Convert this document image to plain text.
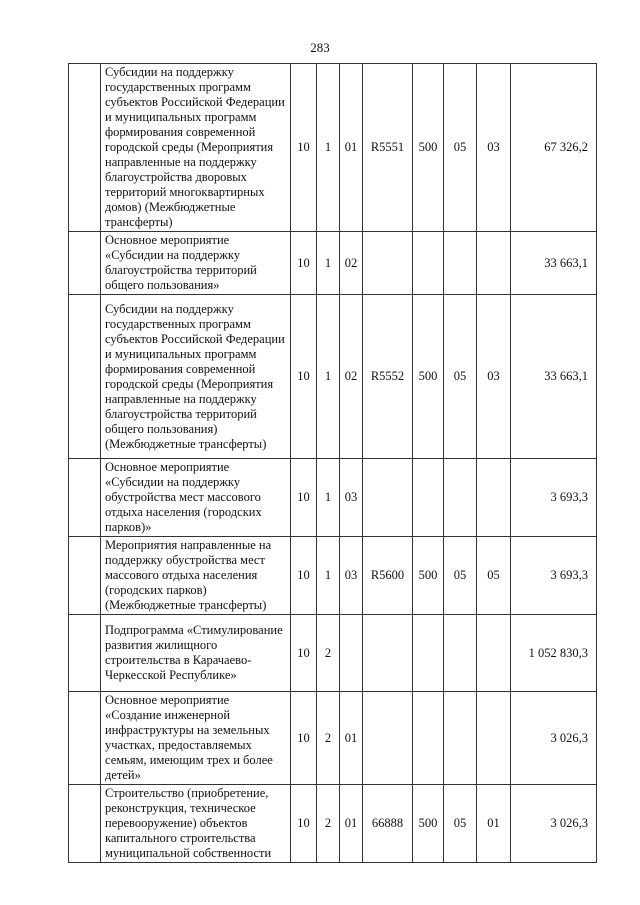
283
	Субсидии на поддержку государственных программ субъектов Российской Федерации и муниципальных программ формирования современной городской среды (Мероприятия направленные на поддержку благоустройства дворовых территорий многоквартирных домов) (Межбюджетные трансферты)	10	1	01	R5551	500	05	03	67 326,2
	Основное мероприятие «Субсидии на поддержку благоустройства территорий общего пользования»	10	1	02					33 663,1
	Субсидии на поддержку государственных программ субъектов Российской Федерации и муниципальных программ формирования современной городской среды (Мероприятия направленные на поддержку благоустройства территорий общего пользования) (Межбюджетные трансферты)	10	1	02	R5552	500	05	03	33 663,1
	Основное мероприятие «Субсидии на поддержку обустройства мест массового отдыха населения (городских парков)»	10	1	03					3 693,3
	Мероприятия направленные на поддержку обустройства мест массового отдыха населения (городских парков) (Межбюджетные трансферты)	10	1	03	R5600	500	05	05	3 693,3
	Подпрограмма «Стимулирование развития жилищного строительства в Карачаево-Черкесской Республике»	10	2						1 052 830,3
	Основное мероприятие «Создание инженерной инфраструктуры на земельных участках, предоставляемых семьям, имеющим трех и более детей»	10	2	01					3 026,3
	Строительство (приобретение, реконструкция, техническое перевооружение) объектов капитального строительства муниципальной собственности	10	2	01	66888	500	05	01	3 026,3
